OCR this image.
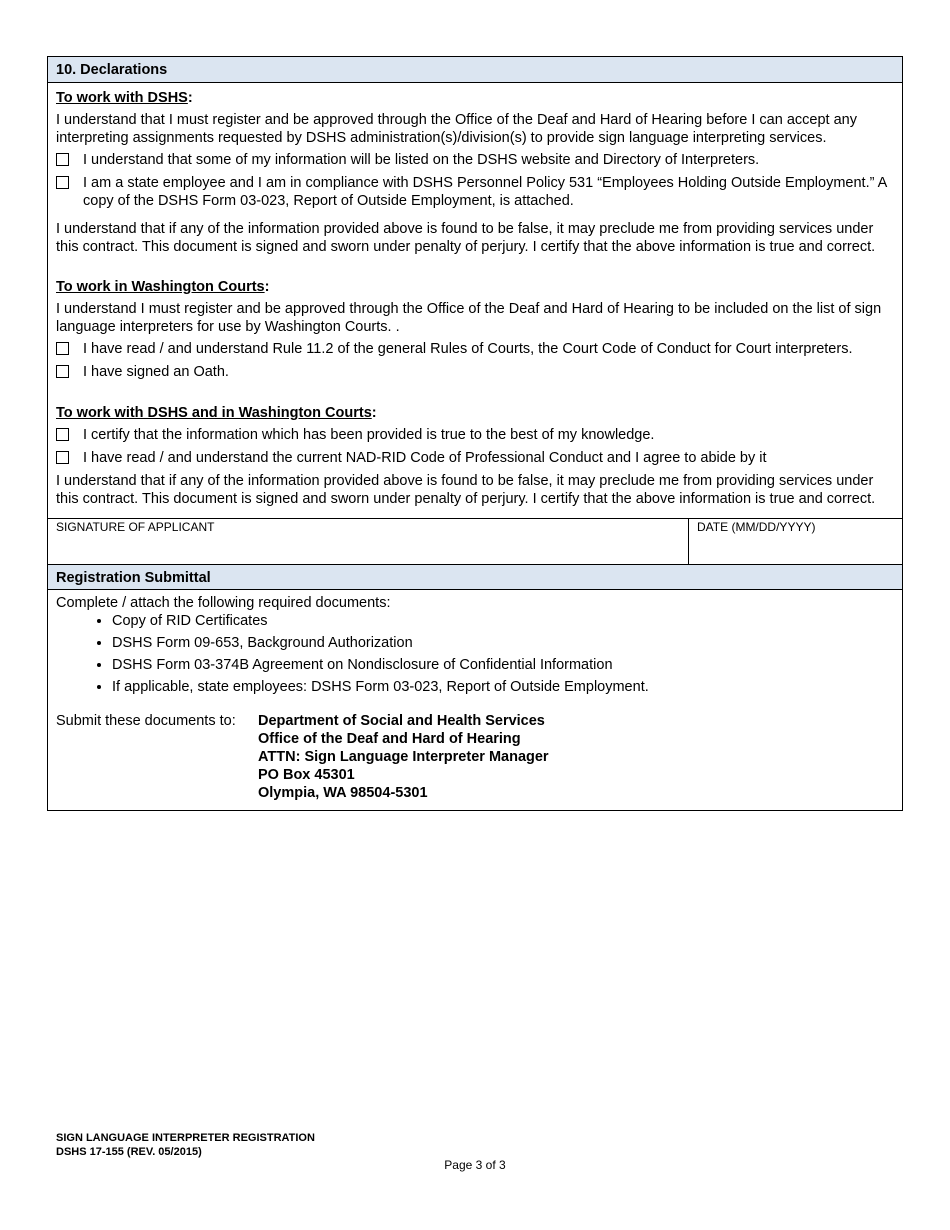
10. Declarations
To work with DSHS:

I understand that I must register and be approved through the Office of the Deaf and Hard of Hearing before I can accept any interpreting assignments requested by DSHS administration(s)/division(s) to provide sign language interpreting services.

I understand that some of my information will be listed on the DSHS website and Directory of Interpreters.
I am a state employee and I am in compliance with DSHS Personnel Policy 531 “Employees Holding Outside Employment.” A copy of the DSHS Form 03-023, Report of Outside Employment, is attached.

I understand that if any of the information provided above is found to be false, it may preclude me from providing services under this contract. This document is signed and sworn under penalty of perjury. I certify that the above information is true and correct.

To work in Washington Courts:

I understand I must register and be approved through the Office of the Deaf and Hard of Hearing to be included on the list of sign language interpreters for use by Washington Courts. .

I have read / and understand Rule 11.2 of the general Rules of Courts, the Court Code of Conduct for Court interpreters.
I have signed an Oath.
To work with DSHS and in Washington Courts:
I certify that the information which has been provided is true to the best of my knowledge.
I have read / and understand the current NAD-RID Code of Professional Conduct and I agree to abide by it

I understand that if any of the information provided above is found to be false, it may preclude me from providing services under this contract. This document is signed and sworn under penalty of perjury. I certify that the above information is true and correct.

SIGNATURE OF APPLICANT	DATE (MM/DD/YYYY)
Registration Submittal
Complete / attach the following required documents:
• Copy of RID Certificates
• DSHS Form 09-653, Background Authorization
• DSHS Form 03-374B Agreement on Nondisclosure of Confidential Information
• If applicable, state employees: DSHS Form 03-023, Report of Outside Employment.
Submit these documents to:	Department of Social and Health Services
Office of the Deaf and Hard of Hearing
ATTN: Sign Language Interpreter Manager
PO Box 45301
Olympia, WA 98504-5301
SIGN LANGUAGE INTERPRETER REGISTRATION
DSHS 17-155 (REV. 05/2015)
Page 3 of 3
